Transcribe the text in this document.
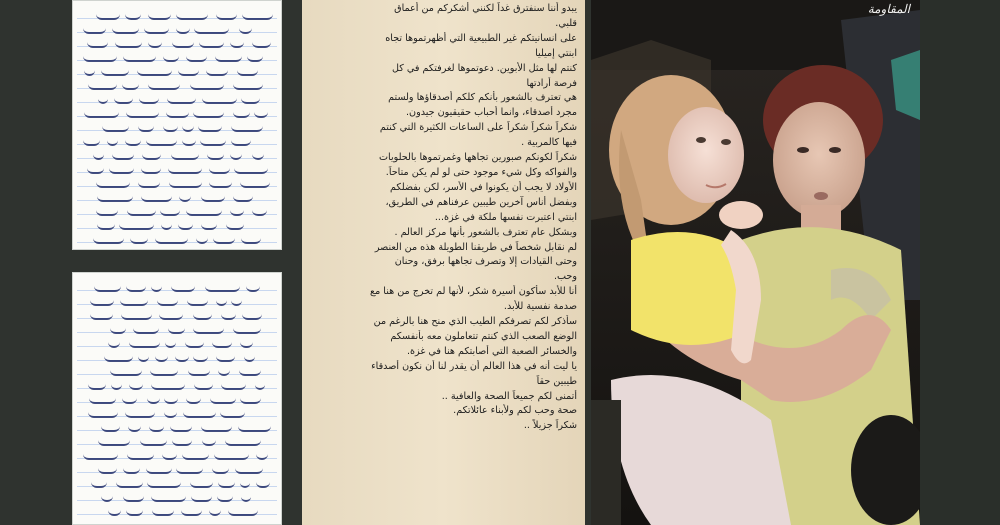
يبدو أننا سنفترق غداً لكنني أشكركم من أعماق
قلبي.
على انسانيتكم غير الطبيعية التي أظهرتموها تجاه
ابنتي إميليا
كنتم لها مثل الأبوين. دعوتموها لغرفتكم في كل
فرصة أرادتها
هي تعترف بالشعور بأنكم كلكم أصدقاؤها ولستم
مجرد أصدقاء، وانما أحباب حقيقيون جيدون.
شكراً شكراً شكراً على الساعات الكثيرة التي كنتم
فيها كالمربية .
شكراً لكونكم صبورين تجاهها وغمرتموها بالحلويات
والفواكه وكل شيء موجود حتى لو لم يكن متاحاً.
الأولاد لا يجب أن يكونوا في الأسر، لكن بفضلكم
وبفضل أناس آخرين طيبين عرفناهم في الطريق،
ابنتي اعتبرت نفسها ملكة في غزة...
وبشكل عام تعترف بالشعور بأنها مركز العالم .
لم نقابل شخصاً في طريقنا الطويلة هذه من العنصر
وحتى القيادات إلا وتصرف تجاهها برفق، وحنان
وحب.
أنا للأبد سأكون أسيرة شكر، لأنها لم تخرج من هنا مع
صدمة نفسية للأبد.
سأذكر لكم تصرفكم الطيب الذي منح هنا بالرغم من
الوضع الصعب الذي كنتم تتعاملون معه بأنفسكم
والخسائر الصعبة التي أصابتكم هنا في غزة.
يا ليت أنه في هذا العالم أن يقدر لنا أن نكون أصدقاء
طيبين حقاً
أتمنى لكم جميعاً الصحة والعافية ..
صحة وحب لكم ولأبناء عائلاتكم.
شكراً جزيلاً ..
ﺍﻟﻤﻘﺎﻭﻣﺔ
